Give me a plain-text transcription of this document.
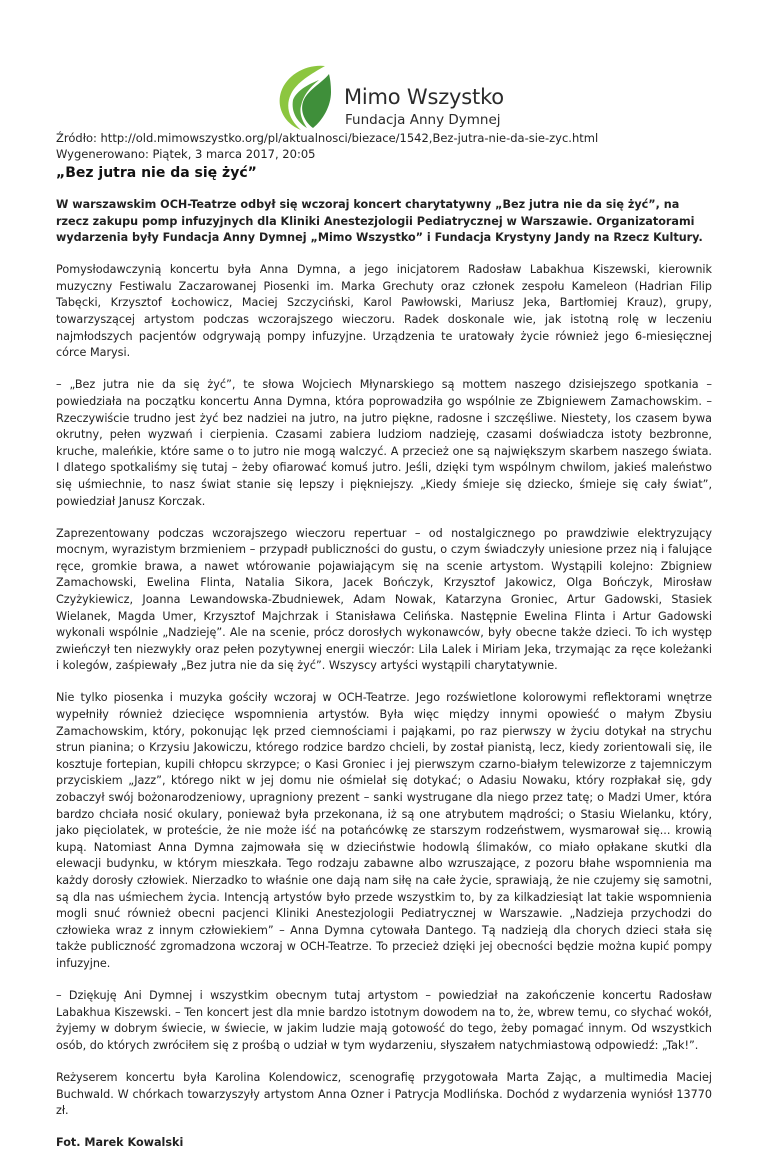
Mimo Wszystko
Fundacja Anny Dymnej
Źródło: http://old.mimowszystko.org/pl/aktualnosci/biezace/1542,Bez-jutra-nie-da-sie-zyc.html
Wygenerowano: Piątek, 3 marca 2017, 20:05
„Bez jutra nie da się żyć”

W warszawskim OCH-Teatrze odbył się wczoraj koncert charytatywny „Bez jutra nie da się żyć”, na rzecz zakupu pomp infuzyjnych dla Kliniki Anestezjologii Pediatrycznej w Warszawie. Organizatorami wydarzenia były Fundacja Anny Dymnej „Mimo Wszystko” i Fundacja Krystyny Jandy na Rzecz Kultury.

Pomysłodawczynią koncertu była Anna Dymna, a jego inicjatorem Radosław Labakhua Kiszewski, kierownik muzyczny Festiwalu Zaczarowanej Piosenki im. Marka Grechuty oraz członek zespołu Kameleon (Hadrian Filip Tabęcki, Krzysztof Łochowicz, Maciej Szczyciński, Karol Pawłowski, Mariusz Jeka, Bartłomiej Krauz), grupy, towarzyszącej artystom podczas wczorajszego wieczoru. Radek doskonale wie, jak istotną rolę w leczeniu najmłodszych pacjentów odgrywają pompy infuzyjne. Urządzenia te uratowały życie również jego 6-miesięcznej córce Marysi.

– „Bez jutra nie da się żyć”, te słowa Wojciech Młynarskiego są mottem naszego dzisiejszego spotkania – powiedziała na początku koncertu Anna Dymna, która poprowadziła go wspólnie ze Zbigniewem Zamachowskim. – Rzeczywiście trudno jest żyć bez nadziei na jutro, na jutro piękne, radosne i szczęśliwe. Niestety, los czasem bywa okrutny, pełen wyzwań i cierpienia. Czasami zabiera ludziom nadzieję, czasami doświadcza istoty bezbronne, kruche, maleńkie, które same o to jutro nie mogą walczyć. A przecież one są największym skarbem naszego świata. I dlatego spotkaliśmy się tutaj – żeby ofiarować komuś jutro. Jeśli, dzięki tym wspólnym chwilom, jakieś maleństwo się uśmiechnie, to nasz świat stanie się lepszy i piękniejszy. „Kiedy śmieje się dziecko, śmieje się cały świat”, powiedział Janusz Korczak.

Zaprezentowany podczas wczorajszego wieczoru repertuar – od nostalgicznego po prawdziwie elektryzujący mocnym, wyrazistym brzmieniem – przypadł publiczności do gustu, o czym świadczyły uniesione przez nią i falujące ręce, gromkie brawa, a nawet wtórowanie pojawiającym się na scenie artystom. Wystąpili kolejno: Zbigniew Zamachowski, Ewelina Flinta, Natalia Sikora, Jacek Bończyk, Krzysztof Jakowicz, Olga Bończyk, Mirosław Czyżykiewicz, Joanna Lewandowska-Zbudniewek, Adam Nowak, Katarzyna Groniec, Artur Gadowski, Stasiek Wielanek, Magda Umer, Krzysztof Majchrzak i Stanisława Celińska. Następnie Ewelina Flinta i Artur Gadowski wykonali wspólnie „Nadzieję”. Ale na scenie, prócz dorosłych wykonawców, były obecne także dzieci. To ich występ zwieńczył ten niezwykły oraz pełen pozytywnej energii wieczór: Lila Lalek i Miriam Jeka, trzymając za ręce koleżanki i kolegów, zaśpiewały „Bez jutra nie da się żyć”. Wszyscy artyści wystąpili charytatywnie.

Nie tylko piosenka i muzyka gościły wczoraj w OCH-Teatrze. Jego rozświetlone kolorowymi reflektorami wnętrze wypełniły również dziecięce wspomnienia artystów. Była więc między innymi opowieść o małym Zbysiu Zamachowskim, który, pokonując lęk przed ciemnościami i pająkami, po raz pierwszy w życiu dotykał na strychu strun pianina; o Krzysiu Jakowiczu, którego rodzice bardzo chcieli, by został pianistą, lecz, kiedy zorientowali się, ile kosztuje fortepian, kupili chłopcu skrzypce; o Kasi Groniec i jej pierwszym czarno-białym telewizorze z tajemniczym przyciskiem „Jazz”, którego nikt w jej domu nie ośmielał się dotykać; o Adasiu Nowaku, który rozpłakał się, gdy zobaczył swój bożonarodzeniowy, upragniony prezent – sanki wystrugane dla niego przez tatę; o Madzi Umer, która bardzo chciała nosić okulary, ponieważ była przekonana, iż są one atrybutem mądrości; o Stasiu Wielanku, który, jako pięciolatek, w proteście, że nie może iść na potańcówkę ze starszym rodzeństwem, wysmarował się... krowią kupą. Natomiast Anna Dymna zajmowała się w dzieciństwie hodowlą ślimaków, co miało opłakane skutki dla elewacji budynku, w którym mieszkała. Tego rodzaju zabawne albo wzruszające, z pozoru błahe wspomnienia ma każdy dorosły człowiek. Nierzadko to właśnie one dają nam siłę na całe życie, sprawiają, że nie czujemy się samotni, są dla nas uśmiechem życia. Intencją artystów było przede wszystkim to, by za kilkadziesiąt lat takie wspomnienia mogli snuć również obecni pacjenci Kliniki Anestezjologii Pediatrycznej w Warszawie. „Nadzieja przychodzi do człowieka wraz z innym człowiekiem” – Anna Dymna cytowała Dantego. Tą nadzieją dla chorych dzieci stała się także publiczność zgromadzona wczoraj w OCH-Teatrze. To przecież dzięki jej obecności będzie można kupić pompy infuzyjne.

– Dziękuję Ani Dymnej i wszystkim obecnym tutaj artystom – powiedział na zakończenie koncertu Radosław Labakhua Kiszewski. – Ten koncert jest dla mnie bardzo istotnym dowodem na to, że, wbrew temu, co słychać wokół, żyjemy w dobrym świecie, w świecie, w jakim ludzie mają gotowość do tego, żeby pomagać innym. Od wszystkich osób, do których zwróciłem się z prośbą o udział w tym wydarzeniu, słyszałem natychmiastową odpowiedź: „Tak!”.

Reżyserem koncertu była Karolina Kolendowicz, scenografię przygotowała Marta Zając, a multimedia Maciej Buchwald. W chórkach towarzyszyły artystom Anna Ozner i Patrycja Modlińska. Dochód z wydarzenia wyniósł 13770 zł.

Fot. Marek Kowalski
